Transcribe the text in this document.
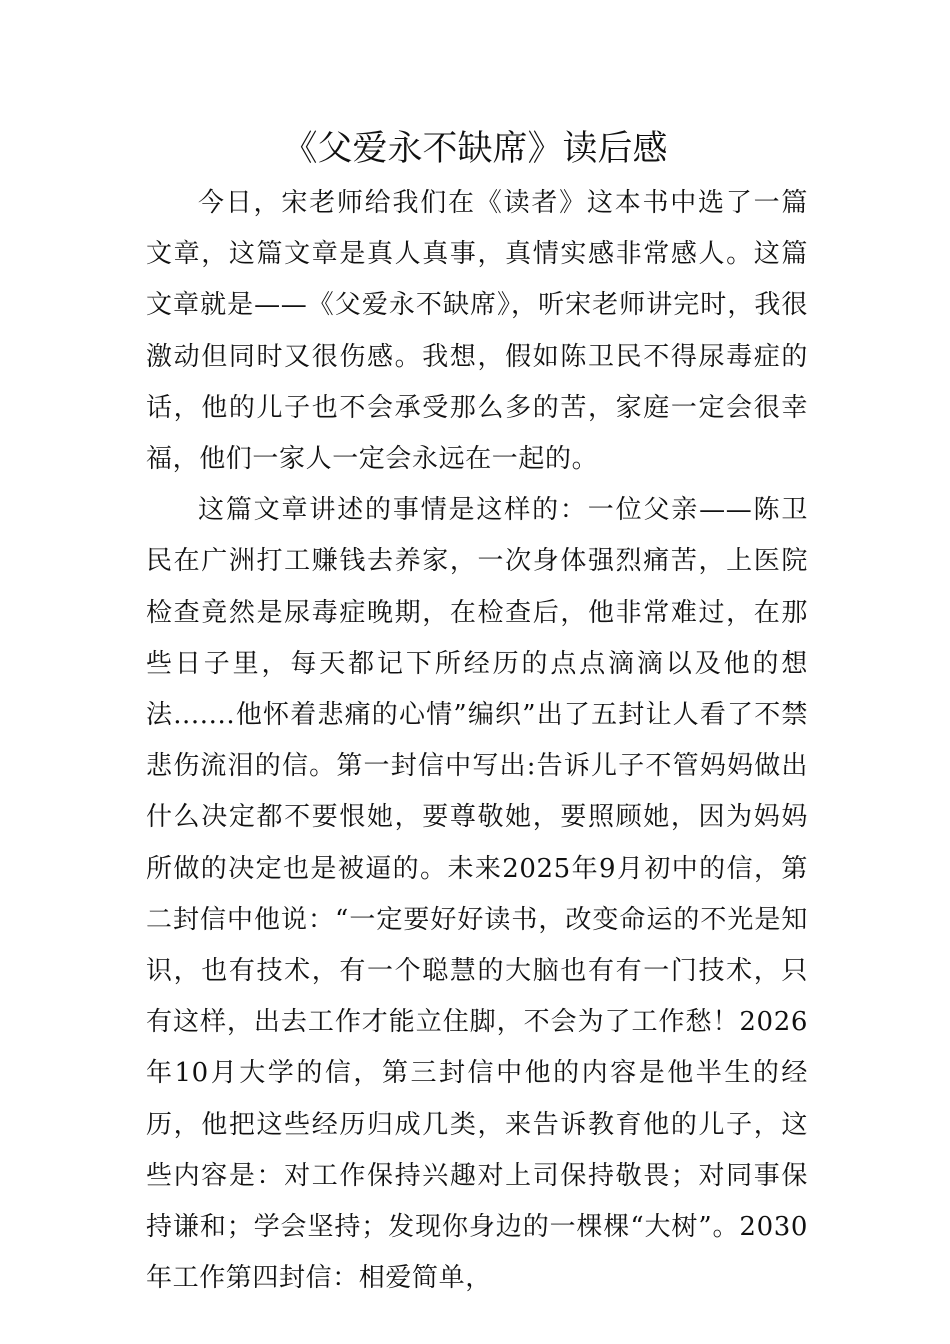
《父爱永不缺席》读后感

今日，宋老师给我们在《读者》这本书中选了一篇文章，这篇文章是真人真事，真情实感非常感人。这篇文章就是——《父爱永不缺席》，听宋老师讲完时，我很激动但同时又很伤感。我想，假如陈卫民不得尿毒症的话，他的儿子也不会承受那么多的苦，家庭一定会很幸福，他们一家人一定会永远在一起的。

这篇文章讲述的事情是这样的：一位父亲——陈卫民在广洲打工赚钱去养家，一次身体强烈痛苦，上医院检查竟然是尿毒症晚期，在检查后，他非常难过，在那些日子里，每天都记下所经历的点点滴滴以及他的想法.......他怀着悲痛的心情”编织”出了五封让人看了不禁悲伤流泪的信。第一封信中写出:告诉儿子不管妈妈做出什么决定都不要恨她，要尊敬她，要照顾她，因为妈妈所做的决定也是被逼的。未来2025年9月初中的信，第二封信中他说：“一定要好好读书，改变命运的不光是知识，也有技术，有一个聪慧的大脑也有有一门技术，只有这样，出去工作才能立住脚，不会为了工作愁！2026年10月大学的信，第三封信中他的内容是他半生的经历，他把这些经历归成几类，来告诉教育他的儿子，这些内容是：对工作保持兴趣对上司保持敬畏；对同事保持谦和；学会坚持；发现你身边的一棵棵“大树”。2030年工作第四封信：相爱简单，
